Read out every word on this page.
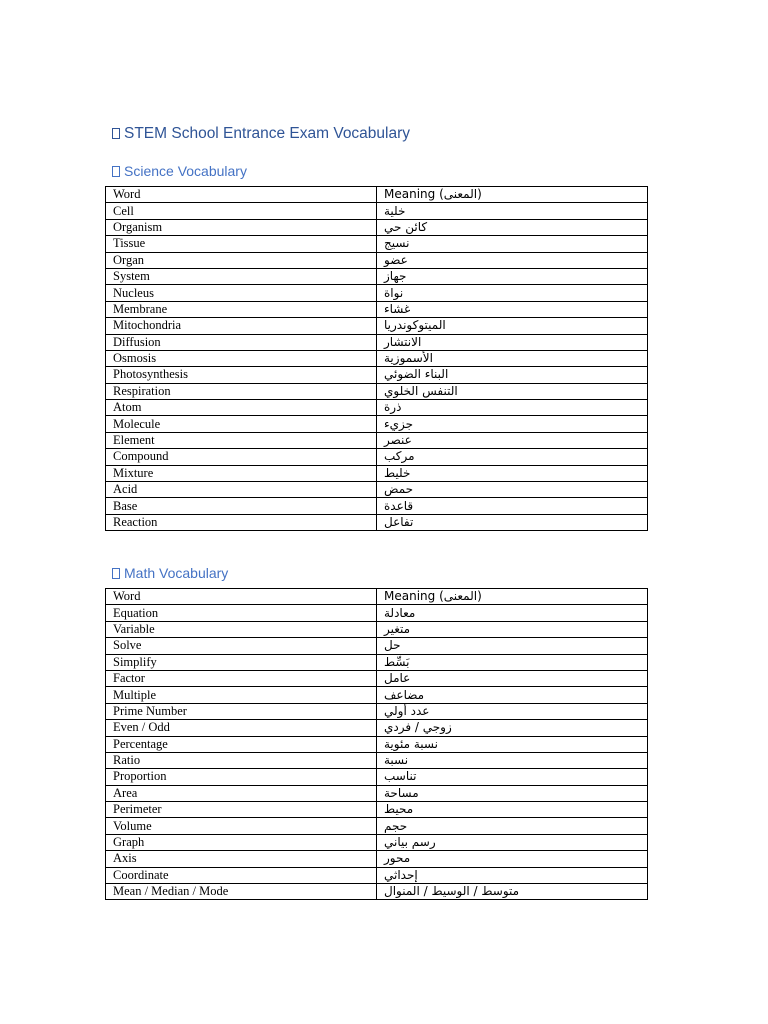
STEM School Entrance Exam Vocabulary
Science Vocabulary
Word	Meaning (المعنى)
Cell	خلية
Organism	كائن حي
Tissue	نسيج
Organ	عضو
System	جهاز
Nucleus	نواة
Membrane	غشاء
Mitochondria	الميتوكوندريا
Diffusion	الانتشار
Osmosis	الأسموزية
Photosynthesis	البناء الضوئي
Respiration	التنفس الخلوي
Atom	ذرة
Molecule	جزيء
Element	عنصر
Compound	مركب
Mixture	خليط
Acid	حمض
Base	قاعدة
Reaction	تفاعل
Math Vocabulary
Word	Meaning (المعنى)
Equation	معادلة
Variable	متغير
Solve	حل
Simplify	بَسِّط
Factor	عامل
Multiple	مضاعف
Prime Number	عدد أولي
Even / Odd	زوجي / فردي
Percentage	نسبة مئوية
Ratio	نسبة
Proportion	تناسب
Area	مساحة
Perimeter	محيط
Volume	حجم
Graph	رسم بياني
Axis	محور
Coordinate	إحداثي
Mean / Median / Mode	متوسط / الوسيط / المنوال
